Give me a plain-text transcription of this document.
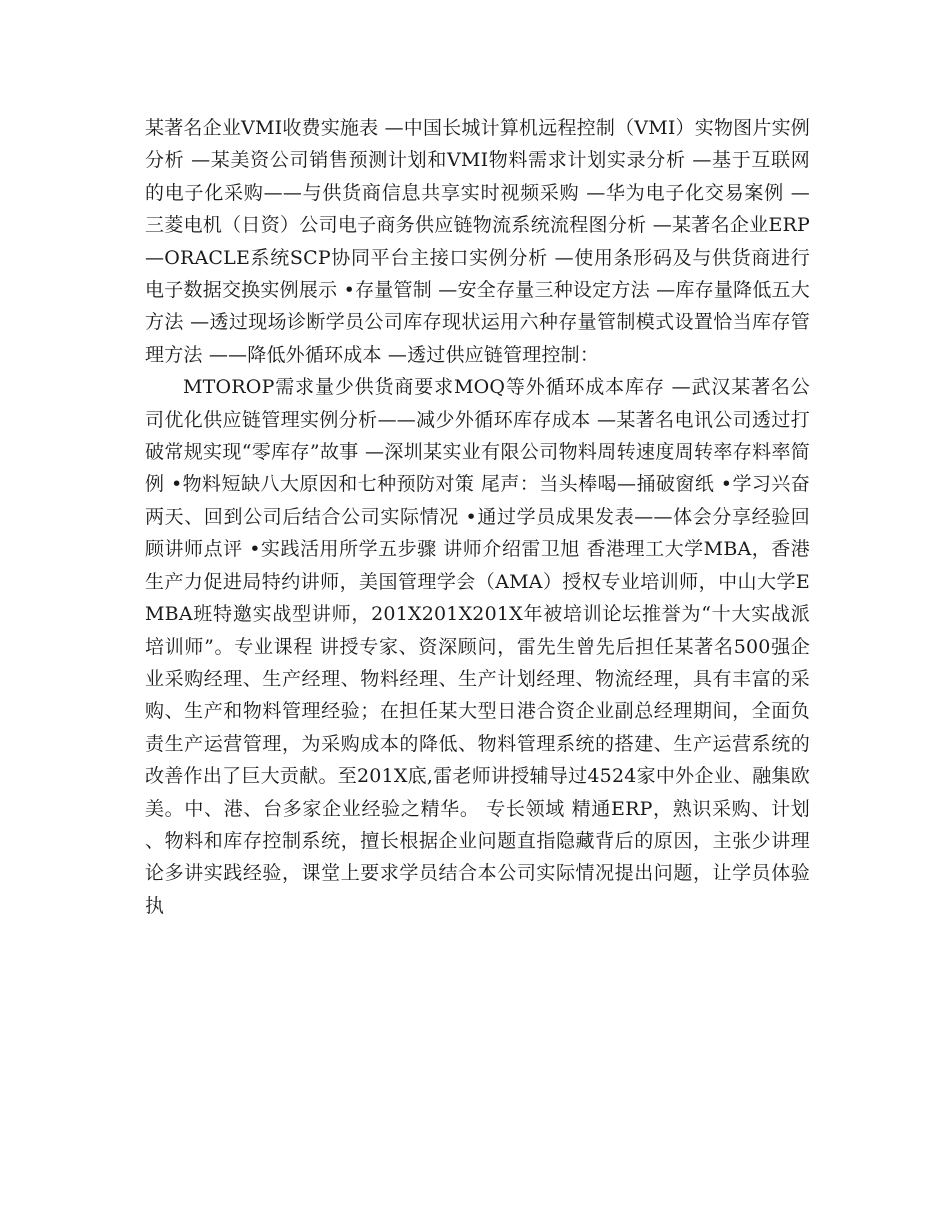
某著名企业VMI收费实施表 —中国长城计算机远程控制（VMI）实物图片实例分析 —某美资公司销售预测计划和VMI物料需求计划实录分析 —基于互联网的电子化采购——与供货商信息共享实时视频采购 —华为电子化交易案例 —三菱电机（日资）公司电子商务供应链物流系统流程图分析 —某著名企业ERP—ORACLE系统SCP协同平台主接口实例分析 —使用条形码及与供货商进行电子数据交换实例展示 •存量管制 —安全存量三种设定方法 —库存量降低五大方法 —透过现场诊断学员公司库存现状运用六种存量管制模式设置恰当库存管理方法 ——降低外循环成本 —透过供应链管理控制：

MTOROP需求量少供货商要求MOQ等外循环成本库存 —武汉某著名公司优化供应链管理实例分析——减少外循环库存成本 —某著名电讯公司透过打破常规实现“零库存”故事 —深圳某实业有限公司物料周转速度周转率存料率简例 •物料短缺八大原因和七种预防对策 尾声：当头棒喝—捅破窗纸 •学习兴奋两天、回到公司后结合公司实际情况 •通过学员成果发表——体会分享经验回顾讲师点评 •实践活用所学五步骤 讲师介绍雷卫旭 香港理工大学MBA，香港生产力促进局特约讲师，美国管理学会（AMA）授权专业培训师，中山大学EMBA班特邀实战型讲师，201X201X201X年被培训论坛推誉为“十大实战派培训师”。专业课程 讲授专家、资深顾问，雷先生曾先后担任某著名500强企业采购经理、生产经理、物料经理、生产计划经理、物流经理，具有丰富的采购、生产和物料管理经验；在担任某大型日港合资企业副总经理期间，全面负责生产运营管理，为采购成本的降低、物料管理系统的搭建、生产运营系统的改善作出了巨大贡献。至201X底,雷老师讲授辅导过4524家中外企业、融集欧美。中、港、台多家企业经验之精华。 专长领域 精通ERP，熟识采购、计划、物料和库存控制系统，擅长根据企业问题直指隐藏背后的原因，主张少讲理论多讲实践经验，课堂上要求学员结合本公司实际情况提出问题，让学员体验执
